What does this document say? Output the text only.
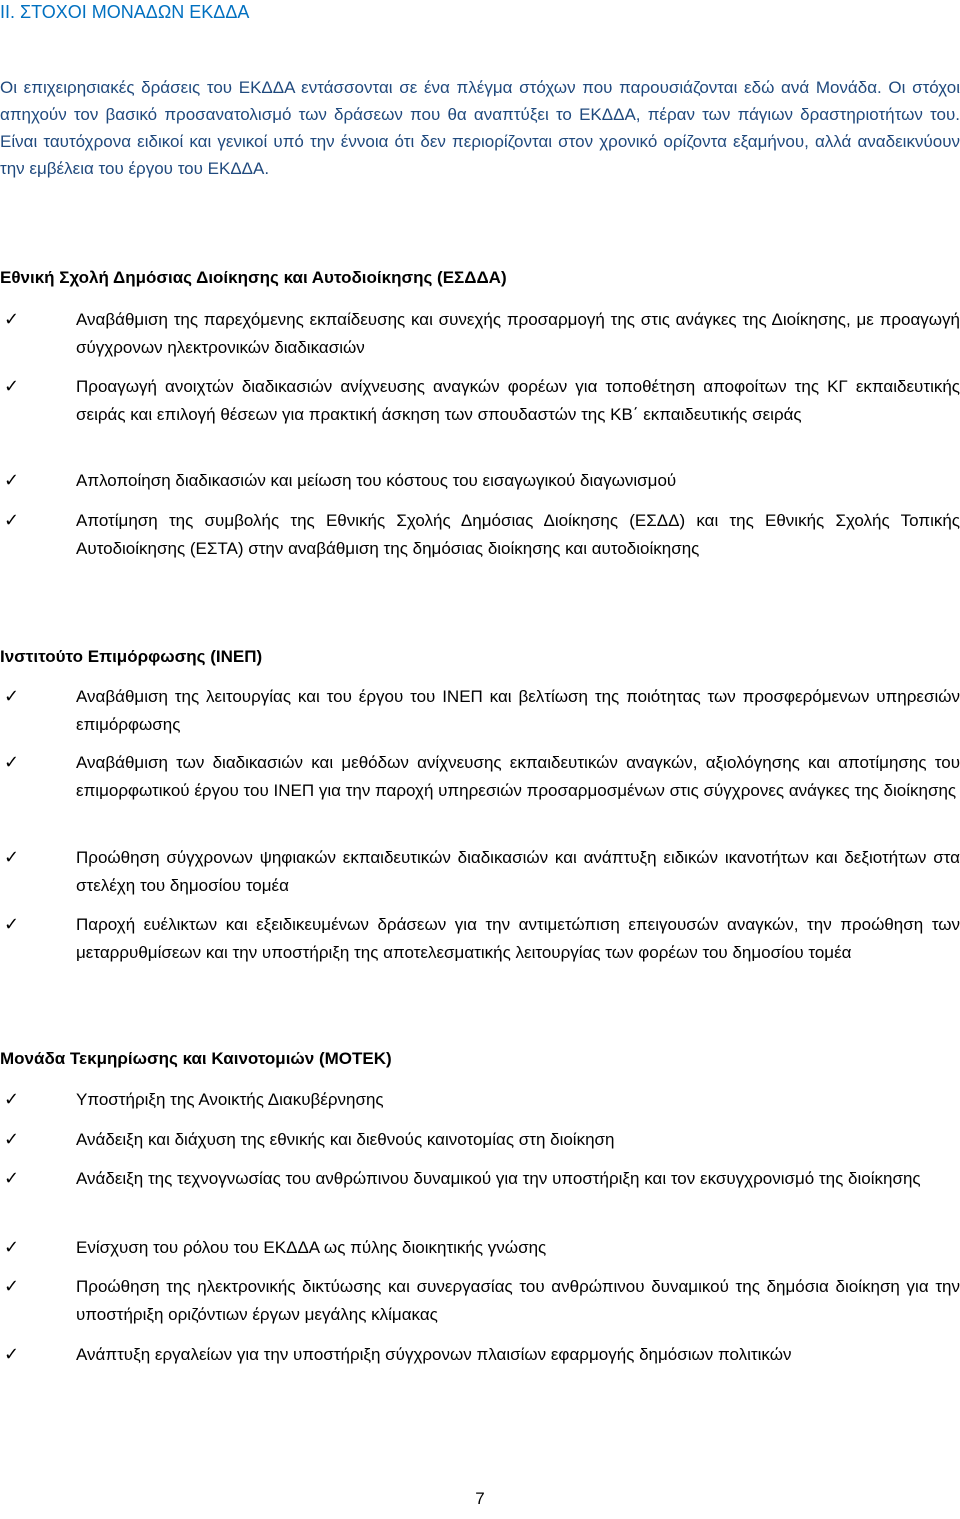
ΙΙ. ΣΤΟΧΟΙ ΜΟΝΑΔΩΝ ΕΚΔΔΑ

Οι επιχειρησιακές δράσεις του ΕΚΔΔΑ εντάσσονται σε ένα πλέγμα στόχων που παρουσιάζονται εδώ ανά Μονάδα. Οι στόχοι απηχούν τον βασικό προσανατολισμό των δράσεων που θα αναπτύξει το ΕΚΔΔΑ, πέραν των πάγιων δραστηριοτήτων του. Είναι ταυτόχρονα ειδικοί και γενικοί υπό την έννοια ότι δεν περιορίζονται στον χρονικό ορίζοντα εξαμήνου, αλλά αναδεικνύουν την εμβέλεια του έργου του ΕΚΔΔΑ.

Εθνική Σχολή Δημόσιας Διοίκησης και Αυτοδιοίκησης (ΕΣΔΔΑ)
✓	Αναβάθμιση της παρεχόμενης εκπαίδευσης και συνεχής προσαρμογή της στις ανάγκες της Διοίκησης, με προαγωγή σύγχρονων ηλεκτρονικών διαδικασιών

✓	Προαγωγή ανοιχτών διαδικασιών ανίχνευσης αναγκών φορέων για τοποθέτηση αποφοίτων της ΚΓ εκπαιδευτικής σειράς και επιλογή θέσεων για πρακτική άσκηση των σπουδαστών της ΚΒ΄ εκπαιδευτικής σειράς

✓	Απλοποίηση διαδικασιών και μείωση του κόστους του εισαγωγικού διαγωνισμού

✓	Αποτίμηση της συμβολής της Εθνικής Σχολής Δημόσιας Διοίκησης (ΕΣΔΔ) και της Εθνικής Σχολής Τοπικής Αυτοδιοίκησης (ΕΣΤΑ) στην αναβάθμιση της δημόσιας διοίκησης και αυτοδιοίκησης

Ινστιτούτο Επιμόρφωσης (ΙΝΕΠ)
✓	Αναβάθμιση της λειτουργίας και του έργου του ΙΝΕΠ και βελτίωση της ποιότητας των προσφερόμενων υπηρεσιών επιμόρφωσης

✓	Αναβάθμιση των διαδικασιών και μεθόδων ανίχνευσης εκπαιδευτικών αναγκών, αξιολόγησης και αποτίμησης του επιμορφωτικού έργου του ΙΝΕΠ για την παροχή υπηρεσιών προσαρμοσμένων στις σύγχρονες ανάγκες της διοίκησης

✓	Προώθηση σύγχρονων ψηφιακών εκπαιδευτικών διαδικασιών και ανάπτυξη ειδικών ικανοτήτων και δεξιοτήτων στα στελέχη του δημοσίου τομέα

✓	Παροχή ευέλικτων και εξειδικευμένων δράσεων για την αντιμετώπιση επειγουσών αναγκών, την προώθηση των μεταρρυθμίσεων και την υποστήριξη της αποτελεσματικής λειτουργίας των φορέων του δημοσίου τομέα

Μονάδα Τεκμηρίωσης και Καινοτομιών (ΜΟΤΕΚ)
✓	Υποστήριξη της Ανοικτής Διακυβέρνησης

✓	Ανάδειξη και διάχυση της εθνικής και διεθνούς καινοτομίας στη διοίκηση

✓	Ανάδειξη της τεχνογνωσίας του ανθρώπινου δυναμικού για την υποστήριξη και τον εκσυγχρονισμό της διοίκησης

✓	Ενίσχυση του ρόλου του ΕΚΔΔΑ ως πύλης διοικητικής γνώσης

✓	Προώθηση της ηλεκτρονικής δικτύωσης και συνεργασίας του ανθρώπινου δυναμικού της δημόσια διοίκηση για την υποστήριξη οριζόντιων έργων μεγάλης κλίμακας

✓	Ανάπτυξη εργαλείων για την υποστήριξη σύγχρονων πλαισίων εφαρμογής δημόσιων πολιτικών

7
